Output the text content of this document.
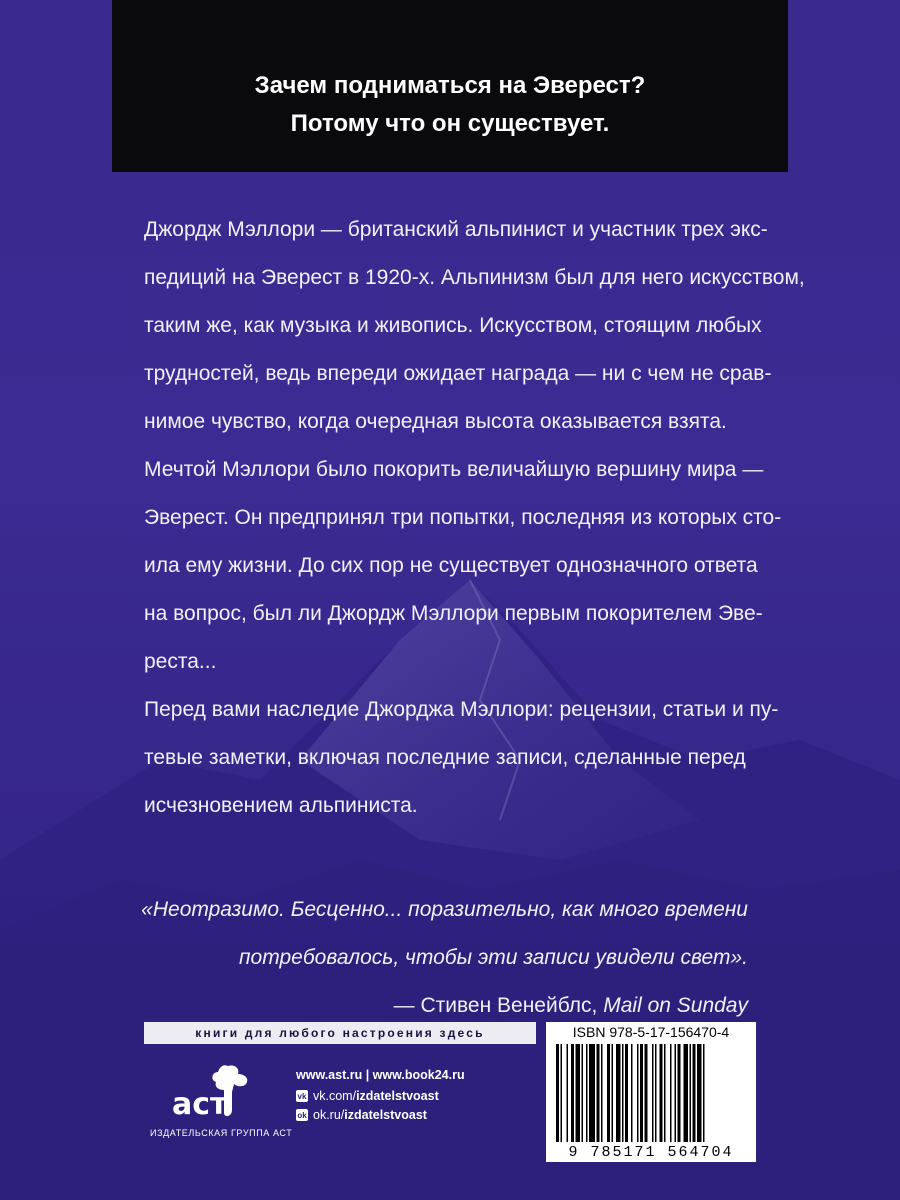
Зачем подниматься на Эверест?
Потому что он существует.
Джордж Мэллори — британский альпинист и участник трех экс-
педиций на Эверест в 1920-х. Альпинизм был для него искусством,
таким же, как музыка и живопись. Искусством, стоящим любых
трудностей, ведь впереди ожидает награда — ни с чем не срав-
нимое чувство, когда очередная высота оказывается взята.
Мечтой Мэллори было покорить величайшую вершину мира —
Эверест. Он предпринял три попытки, последняя из которых сто-
ила ему жизни. До сих пор не существует однозначного ответа
на вопрос, был ли Джордж Мэллори первым покорителем Эве-
реста...
Перед вами наследие Джорджа Мэллори: рецензии, статьи и пу-
тевые заметки, включая последние записи, сделанные перед
исчезновением альпиниста.
«Неотразимо. Бесценно... поразительно, как много времени
потребовалось, чтобы эти записи увидели свет».
— Стивен Венейблс, Mail on Sunday
книги для любого настроения здесь
аст
ИЗДАТЕЛЬСКАЯ ГРУППА АСТ
www.ast.ru | www.book24.ru
vk vk.com/ izdatelstvoast
ok ok.ru/ izdatelstvoast
ISBN 978-5-17-156470-4
9 785171 564704
